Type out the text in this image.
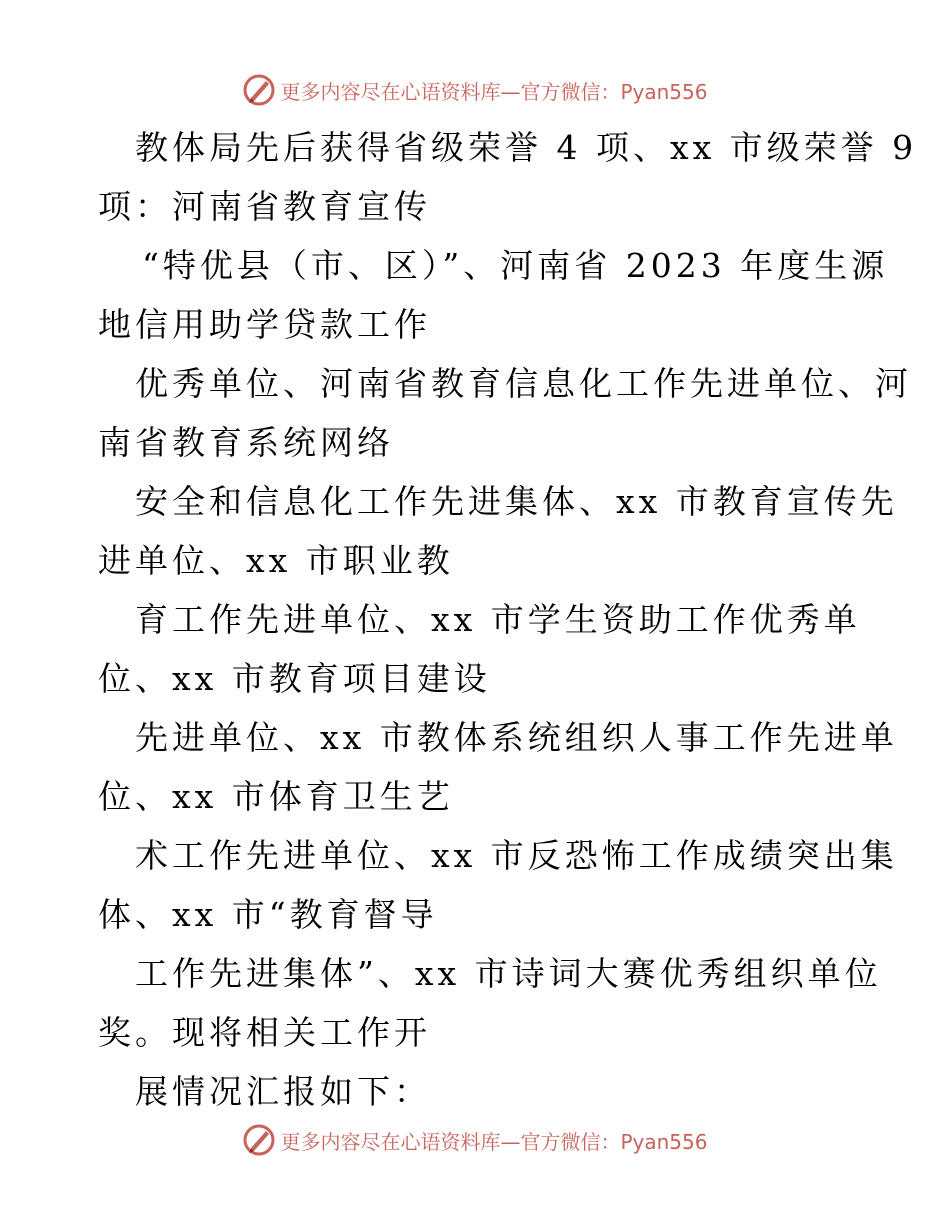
更多内容尽在心语资料库—官方微信：Pyan556
教体局先后获得省级荣誉 4 项、xx 市级荣誉 9
项：河南省教育宣传
“特优县（市、区）”、河南省 2023 年度生源
地信用助学贷款工作
优秀单位、河南省教育信息化工作先进单位、河
南省教育系统网络
安全和信息化工作先进集体、xx 市教育宣传先
进单位、xx 市职业教
育工作先进单位、xx 市学生资助工作优秀单
位、xx 市教育项目建设
先进单位、xx 市教体系统组织人事工作先进单
位、xx 市体育卫生艺
术工作先进单位、xx 市反恐怖工作成绩突出集
体、xx 市“教育督导
工作先进集体”、xx 市诗词大赛优秀组织单位
奖。现将相关工作开
展情况汇报如下：
更多内容尽在心语资料库—官方微信：Pyan556
